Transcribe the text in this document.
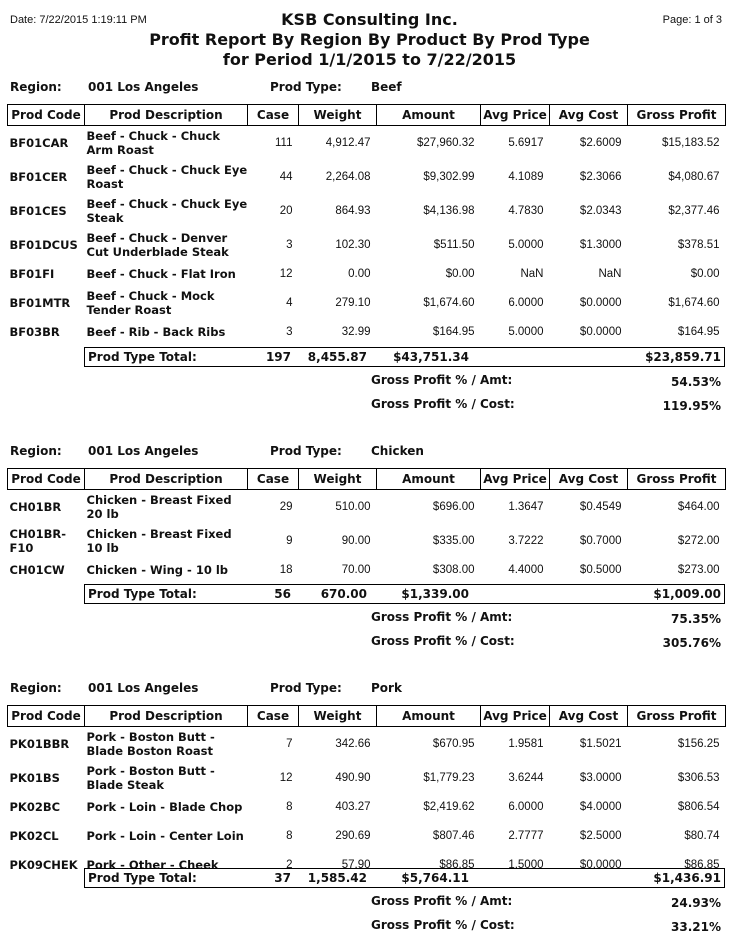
Date: 7/22/2015 1:19:11 PM	Page: 1 of 3
KSB Consulting Inc.
Profit Report By Region By Product By Prod Type
for Period 1/1/2015 to 7/22/2015
Region: 001 Los Angeles	Prod Type: Beef
Prod Code	Prod Description	Case	Weight	Amount	Avg Price	Avg Cost	Gross Profit
BF01CAR	Beef - Chuck - Chuck Arm Roast	111	4,912.47	$27,960.32	5.6917	$2.6009	$15,183.52
BF01CER	Beef - Chuck - Chuck Eye Roast	44	2,264.08	$9,302.99	4.1089	$2.3066	$4,080.67
BF01CES	Beef - Chuck - Chuck Eye Steak	20	864.93	$4,136.98	4.7830	$2.0343	$2,377.46
BF01DCUS	Beef - Chuck - Denver Cut Underblade Steak	3	102.30	$511.50	5.0000	$1.3000	$378.51
BF01FI	Beef - Chuck - Flat Iron	12	0.00	$0.00	NaN	NaN	$0.00
BF01MTR	Beef - Chuck - Mock Tender Roast	4	279.10	$1,674.60	6.0000	$0.0000	$1,674.60
BF03BR	Beef - Rib - Back Ribs	3	32.99	$164.95	5.0000	$0.0000	$164.95
Prod Type Total:	197 8,455.87 $43,751.34	$23,859.71
Gross Profit % / Amt:	54.53%
Gross Profit % / Cost:	119.95%
Region: 001 Los Angeles	Prod Type: Chicken
Prod Code	Prod Description	Case	Weight	Amount	Avg Price	Avg Cost	Gross Profit
CH01BR	Chicken - Breast Fixed 20 lb	29	510.00	$696.00	1.3647	$0.4549	$464.00
CH01BR-F10	Chicken - Breast Fixed 10 lb	9	90.00	$335.00	3.7222	$0.7000	$272.00
CH01CW	Chicken - Wing - 10 lb	18	70.00	$308.00	4.4000	$0.5000	$273.00
Prod Type Total:	56 670.00	$1,339.00	$1,009.00
Gross Profit % / Amt:	75.35%
Gross Profit % / Cost:	305.76%
Region: 001 Los Angeles	Prod Type: Pork
Prod Code	Prod Description	Case	Weight	Amount	Avg Price	Avg Cost	Gross Profit
PK01BBR	Pork - Boston Butt - Blade Boston Roast	7	342.66	$670.95	1.9581	$1.5021	$156.25
PK01BS	Pork - Boston Butt - Blade Steak	12	490.90	$1,779.23	3.6244	$3.0000	$306.53
PK02BC	Pork - Loin - Blade Chop	8	403.27	$2,419.62	6.0000	$4.0000	$806.54
PK02CL	Pork - Loin - Center Loin	8	290.69	$807.46	2.7777	$2.5000	$80.74
PK09CHEK	Pork - Other - Cheek	2	57.90	$86.85	1.5000	$0.0000	$86.85
Prod Type Total:	37 1,585.42	$5,764.11	$1,436.91
Gross Profit % / Amt:	24.93%
Gross Profit % / Cost:	33.21%
